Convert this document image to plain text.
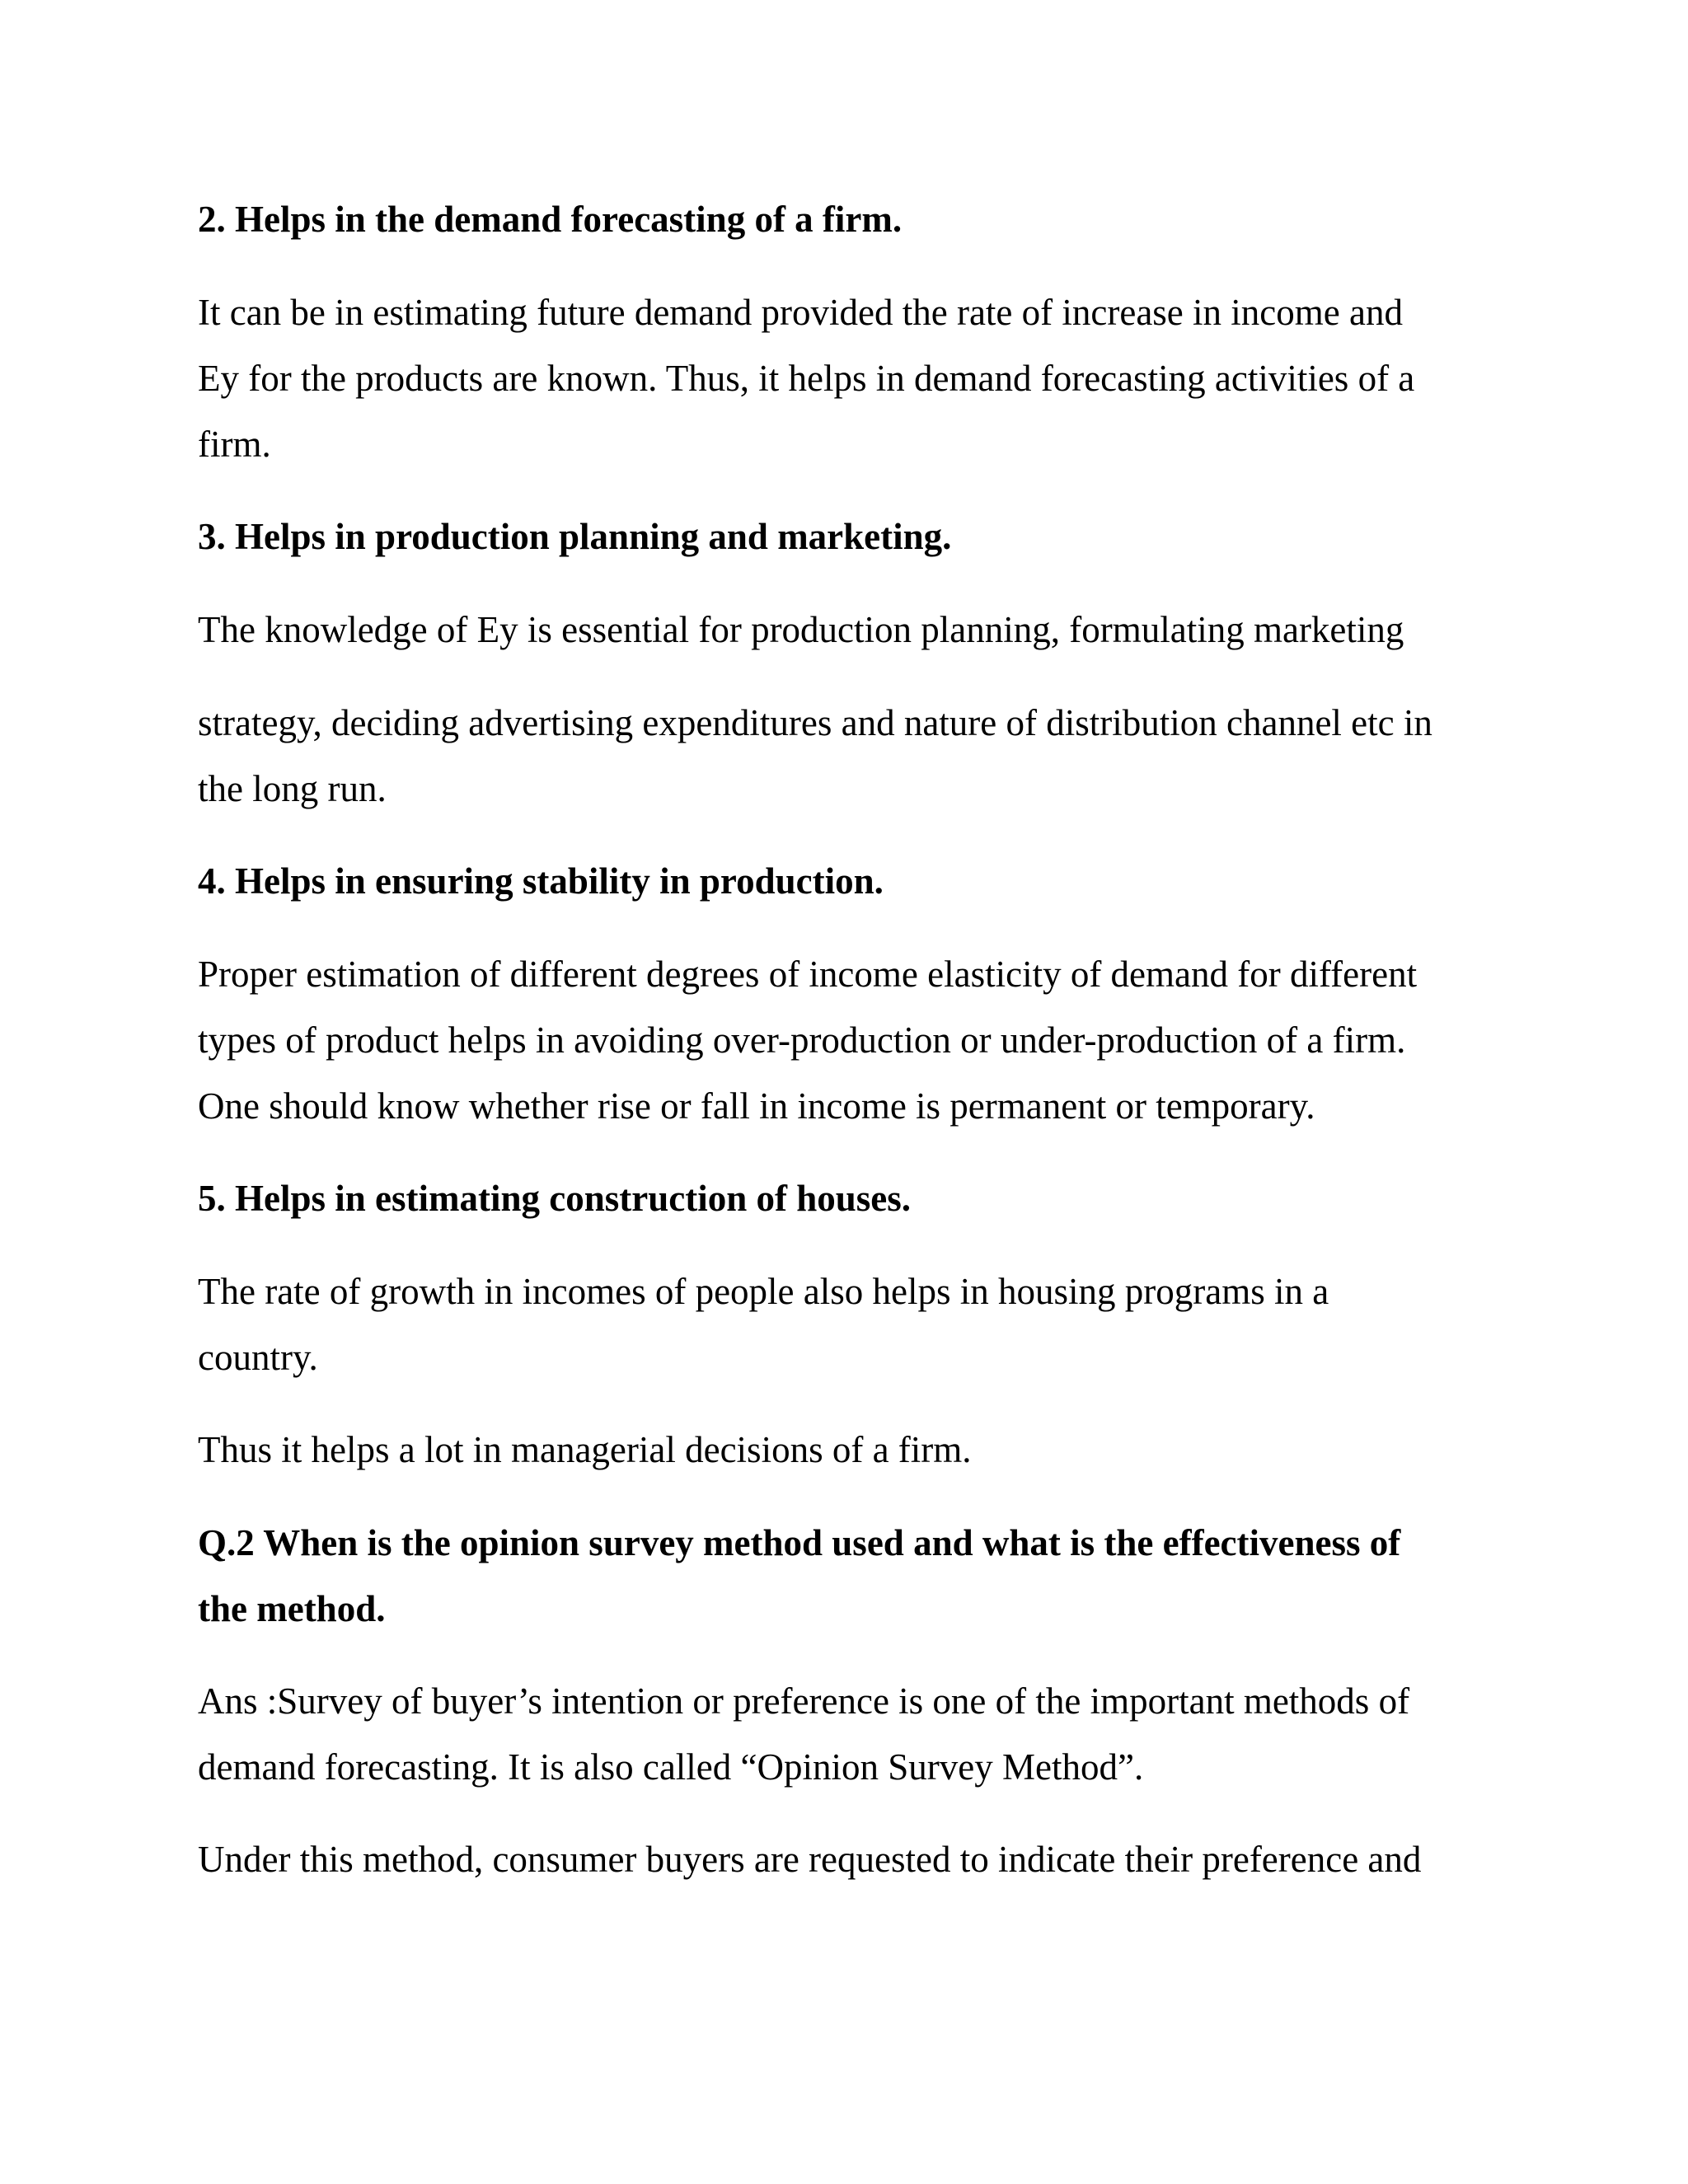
2. Helps in the demand forecasting of a firm.

It can be in estimating future demand provided the rate of increase in income and
Ey for the products are known. Thus, it helps in demand forecasting activities of a
firm.

3. Helps in production planning and marketing.

The knowledge of Ey is essential for production planning, formulating marketing

strategy, deciding advertising expenditures and nature of distribution channel etc in
the long run.

4. Helps in ensuring stability in production.

Proper estimation of different degrees of income elasticity of demand for different
types of product helps in avoiding over-production or under-production of a firm.
One should know whether rise or fall in income is permanent or temporary.

5. Helps in estimating construction of houses.

The rate of growth in incomes of people also helps in housing programs in a
country.

Thus it helps a lot in managerial decisions of a firm.

Q.2 When is the opinion survey method used and what is the effectiveness of
the method.

Ans :Survey of buyer’s intention or preference is one of the important methods of
demand forecasting. It is also called “Opinion Survey Method”.

Under this method, consumer buyers are requested to indicate their preference and
